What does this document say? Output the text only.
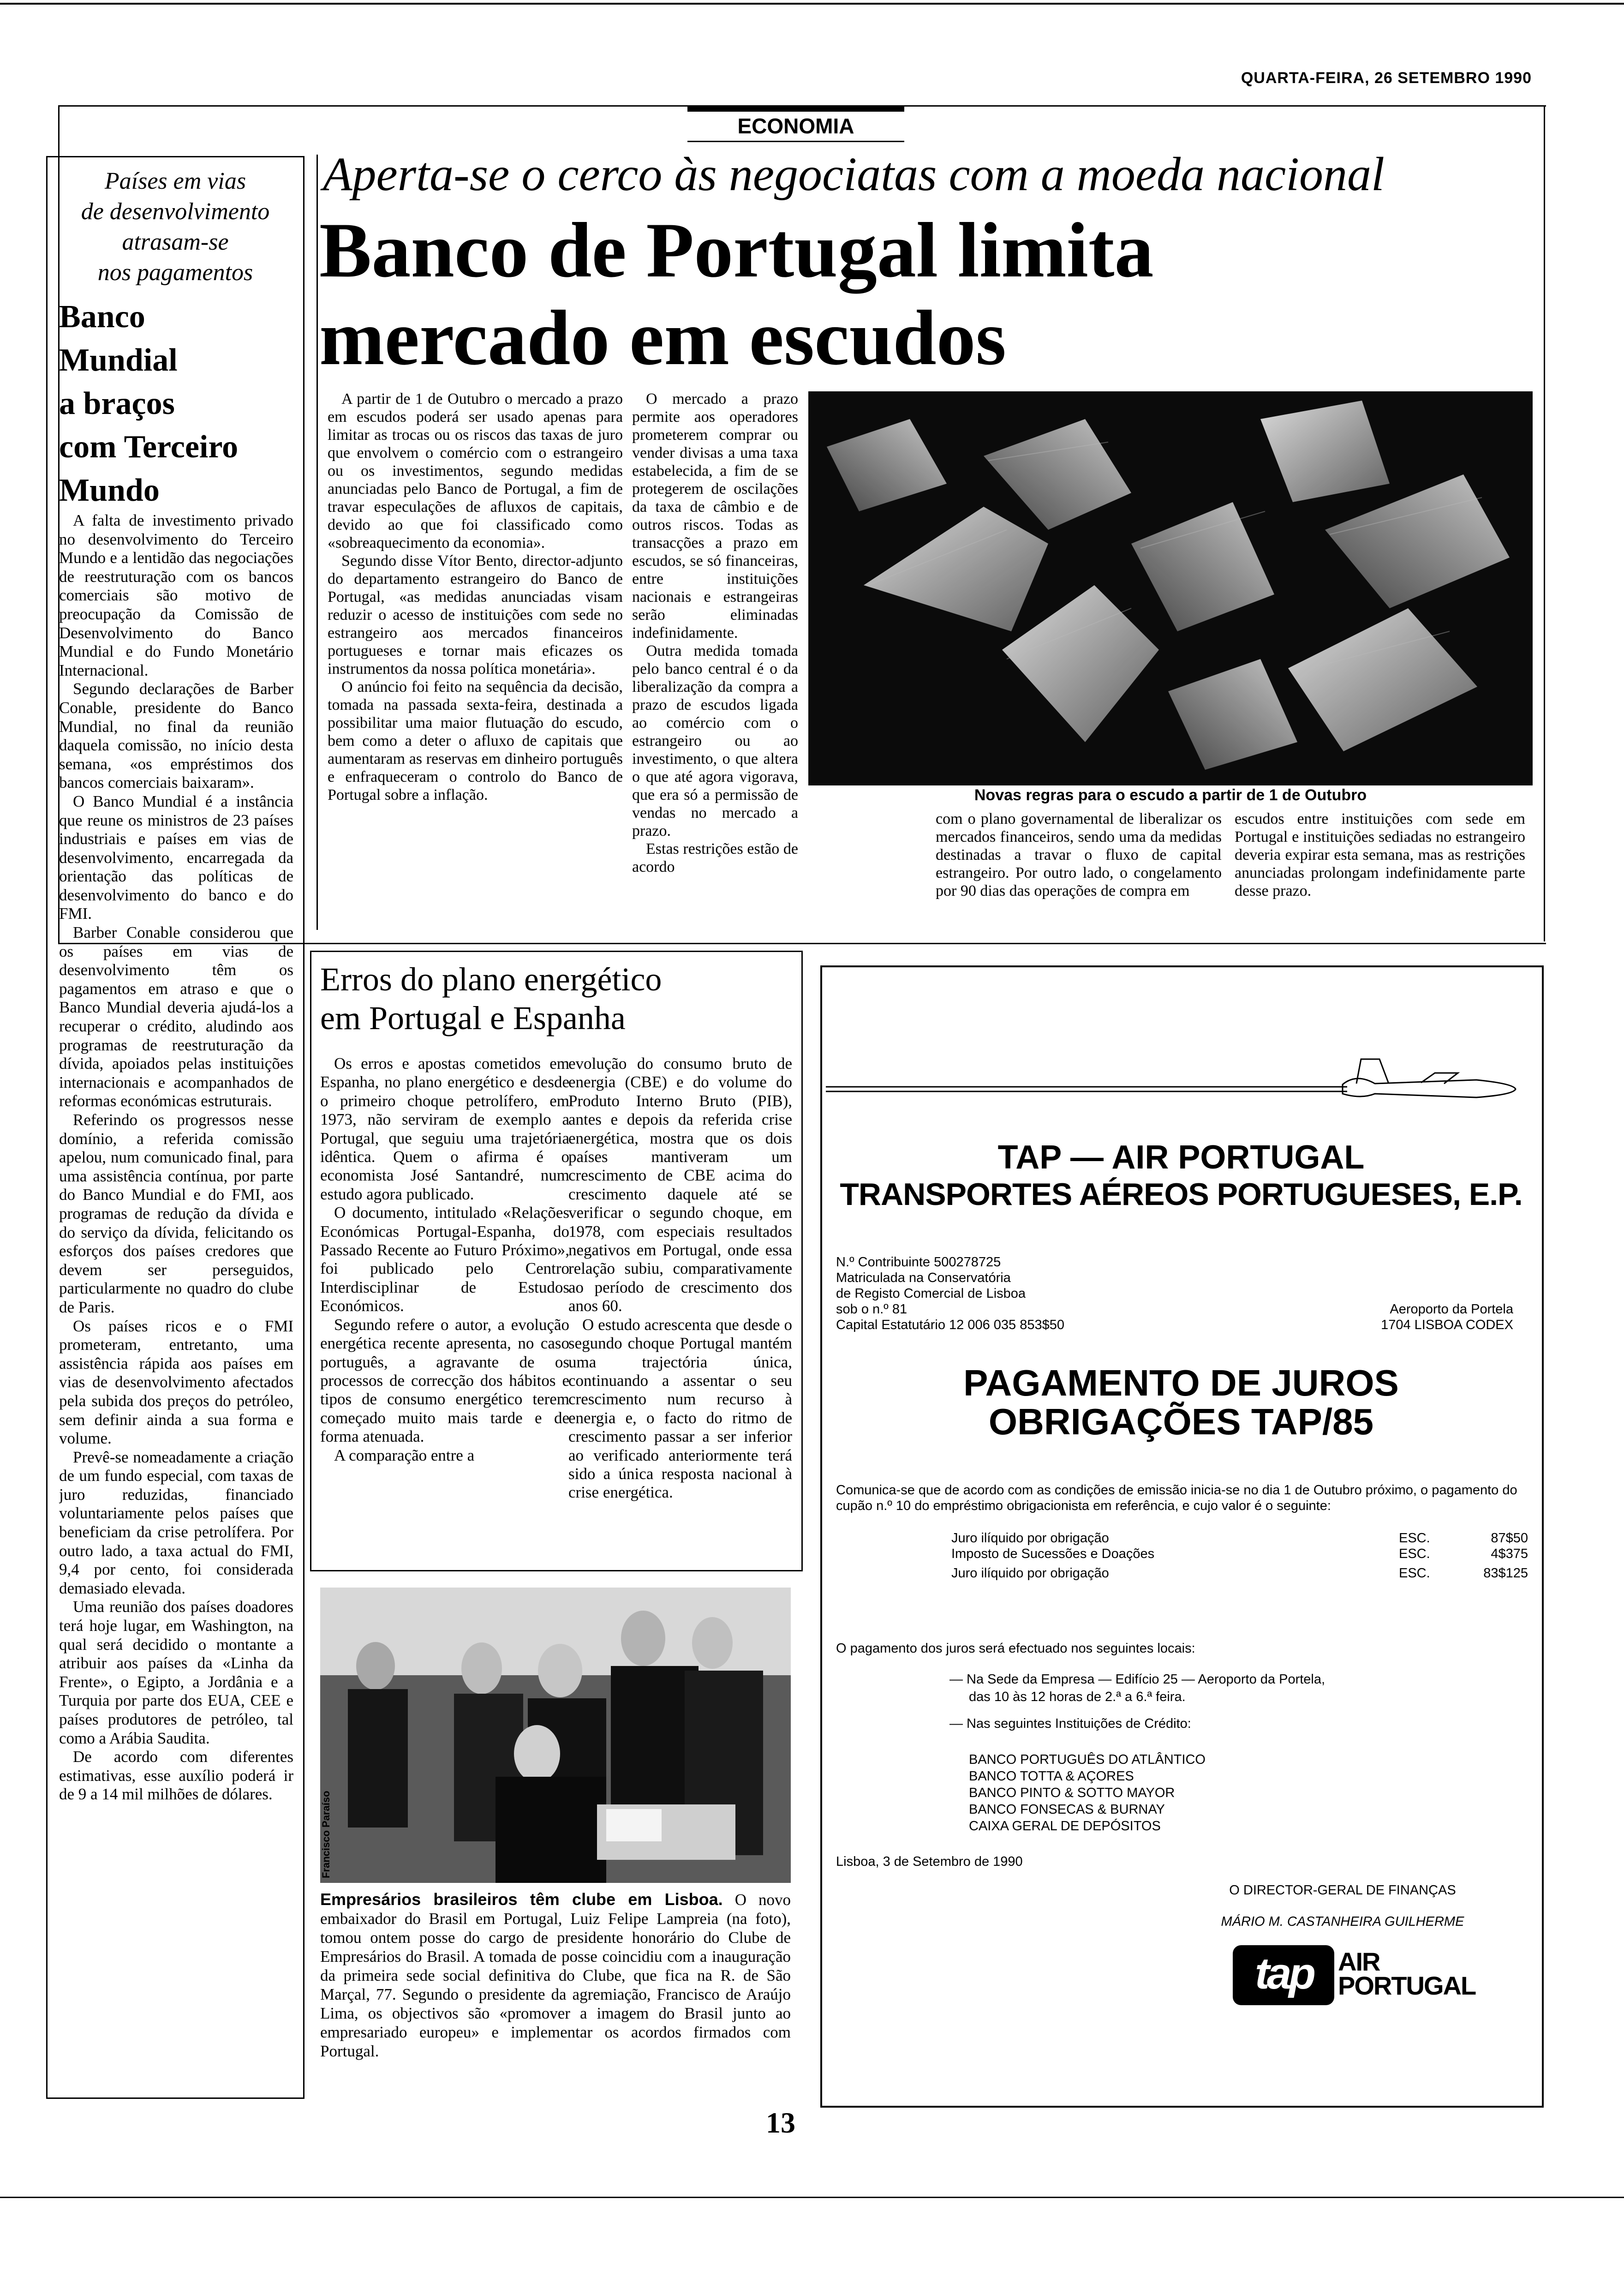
QUARTA-FEIRA, 26 SETEMBRO 1990
ECONOMIA
Países em vias
de desenvolvimento
atrasam-se
nos pagamentos
Banco
Mundial
a braços
com Terceiro
Mundo

A falta de investimento privado no desenvolvimento do Terceiro Mundo e a lentidão das negociações de reestruturação com os bancos comerciais são motivo de preocupação da Comissão de Desenvolvimento do Banco Mundial e do Fundo Monetário Internacional.

Segundo declarações de Barber Conable, presidente do Banco Mundial, no final da reunião daquela comissão, no início desta semana, «os empréstimos dos bancos comerciais baixaram».

O Banco Mundial é a instância que reune os ministros de 23 países industriais e países em vias de desenvolvimento, encarregada da orientação das políticas de desenvolvimento do banco e do FMI.

Barber Conable considerou que os países em vias de desenvolvimento têm os pagamentos em atraso e que o Banco Mundial deveria ajudá-los a recuperar o crédito, aludindo aos programas de reestruturação da dívida, apoiados pelas instituições internacionais e acompanhados de reformas económicas estruturais.

Referindo os progressos nesse domínio, a referida comissão apelou, num comunicado final, para uma assistência contínua, por parte do Banco Mundial e do FMI, aos programas de redução da dívida e do serviço da dívida, felicitando os esforços dos países credores que devem ser perseguidos, particularmente no quadro do clube de Paris.

Os países ricos e o FMI prometeram, entretanto, uma assistência rápida aos países em vias de desenvolvimento afectados pela subida dos preços do petróleo, sem definir ainda a sua forma e volume.

Prevê-se nomeadamente a criação de um fundo especial, com taxas de juro reduzidas, financiado voluntariamente pelos países que beneficiam da crise petrolífera. Por outro lado, a taxa actual do FMI, 9,4 por cento, foi considerada demasiado elevada.

Uma reunião dos países doadores terá hoje lugar, em Washington, na qual será decidido o montante a atribuir aos países da «Linha da Frente», o Egipto, a Jordânia e a Turquia por parte dos EUA, CEE e países produtores de petróleo, tal como a Arábia Saudita.

De acordo com diferentes estimativas, esse auxílio poderá ir de 9 a 14 mil milhões de dólares.

Aperta-se o cerco às negociatas com a moeda nacional
Banco de Portugal limita
mercado em escudos

A partir de 1 de Outubro o mercado a prazo em escudos poderá ser usado apenas para limitar as trocas ou os riscos das taxas de juro que envolvem o comércio com o estrangeiro ou os investimentos, segundo medidas anunciadas pelo Banco de Portugal, a fim de travar especulações de afluxos de capitais, devido ao que foi classificado como «sobreaquecimento da economia».

Segundo disse Vítor Bento, director-adjunto do departamento estrangeiro do Banco de Portugal, «as medidas anunciadas visam reduzir o acesso de instituições com sede no estrangeiro aos mercados financeiros portugueses e tornar mais eficazes os instrumentos da nossa política monetária».

O anúncio foi feito na sequência da decisão, tomada na passada sexta-feira, destinada a possibilitar uma maior flutuação do escudo, bem como a deter o afluxo de capitais que aumentaram as reservas em dinheiro português e enfraqueceram o controlo do Banco de Portugal sobre a inflação.

O mercado a prazo permite aos operadores prometerem comprar ou vender divisas a uma taxa estabelecida, a fim de se protegerem de oscilações da taxa de câmbio e de outros riscos. Todas as transacções a prazo em escudos, se só financeiras, entre instituições nacionais e estrangeiras serão eliminadas indefinidamente.

Outra medida tomada pelo banco central é o da liberalização da compra a prazo de escudos ligada ao comércio com o estrangeiro ou ao investimento, o que altera o que até agora vigorava, que era só a permissão de vendas no mercado a prazo.

Estas restrições estão de acordo

Novas regras para o escudo a partir de 1 de Outubro

com o plano governamental de liberalizar os mercados financeiros, sendo uma da medidas destinadas a travar o fluxo de capital estrangeiro. Por outro lado, o congelamento por 90 dias das operações de compra em

escudos entre instituições com sede em Portugal e instituições sediadas no estrangeiro deveria expirar esta semana, mas as restrições anunciadas prolongam indefinidamente parte desse prazo.

Erros do plano energético
em Portugal e Espanha

Os erros e apostas cometidos em Espanha, no plano energético e desde o primeiro choque petrolífero, em 1973, não serviram de exemplo a Portugal, que seguiu uma trajetória idêntica. Quem o afirma é o economista José Santandré, num estudo agora publicado.

O documento, intitulado «Relações Económicas Portugal-Espanha, do Passado Recente ao Futuro Próximo», foi publicado pelo Centro Interdisciplinar de Estudos Económicos.

Segundo refere o autor, a evolução energética recente apresenta, no caso português, a agravante de os processos de correcção dos hábitos e tipos de consumo energético terem começado muito mais tarde e de forma atenuada.

A comparação entre a

evolução do consumo bruto de energia (CBE) e do volume do Produto Interno Bruto (PIB), antes e depois da referida crise energética, mostra que os dois países mantiveram um crescimento de CBE acima do crescimento daquele até se verificar o segundo choque, em 1978, com especiais resultados negativos em Portugal, onde essa relação subiu, comparativamente ao período de crescimento dos anos 60.

O estudo acrescenta que desde o segundo choque Portugal mantém uma trajectória única, continuando a assentar o seu crescimento num recurso à energia e, o facto do ritmo de crescimento passar a ser inferior ao verificado anteriormente terá sido a única resposta nacional à crise energética.

Empresários brasileiros têm clube em Lisboa. O novo embaixador do Brasil em Portugal, Luiz Felipe Lampreia (na foto), tomou ontem posse do cargo de presidente honorário do Clube de Empresários do Brasil. A tomada de posse coincidiu com a inauguração da primeira sede social definitiva do Clube, que fica na R. de São Marçal, 77. Segundo o presidente da agremiação, Francisco de Araújo Lima, os objectivos são «promover a imagem do Brasil junto ao empresariado europeu» e implementar os acordos firmados com Portugal.
TAP — AIR PORTUGAL
TRANSPORTES AÉREOS PORTUGUESES, E.P.
N.º Contribuinte 500278725
Matriculada na Conservatória
de Registo Comercial de Lisboa
sob o n.º 81
Capital Estatutário 12 006 035 853$50
Aeroporto da Portela
1704 LISBOA CODEX
PAGAMENTO DE JUROS
OBRIGAÇÕES TAP/85
Comunica-se que de acordo com as condições de emissão inicia-se no dia 1 de Outubro próximo, o pagamento do cupão n.º 10 do empréstimo obrigacionista em referência, e cujo valor é o seguinte:
Juro ilíquido por obrigação	ESC.	87$50
Imposto de Sucessões e Doações	ESC.	4$375
Juro ilíquido por obrigação	ESC.	83$125
O pagamento dos juros será efectuado nos seguintes locais:
— Na Sede da Empresa — Edifício 25 — Aeroporto da Portela,
das 10 às 12 horas de 2.ª a 6.ª feira.
— Nas seguintes Instituições de Crédito:
BANCO PORTUGUÊS DO ATLÂNTICO
BANCO TOTTA & AÇORES
BANCO PINTO & SOTTO MAYOR
BANCO FONSECAS & BURNAY
CAIXA GERAL DE DEPÓSITOS
Lisboa, 3 de Setembro de 1990
O DIRECTOR-GERAL DE FINANÇAS
MÁRIO M. CASTANHEIRA GUILHERME
tap AIR
PORTUGAL
13
